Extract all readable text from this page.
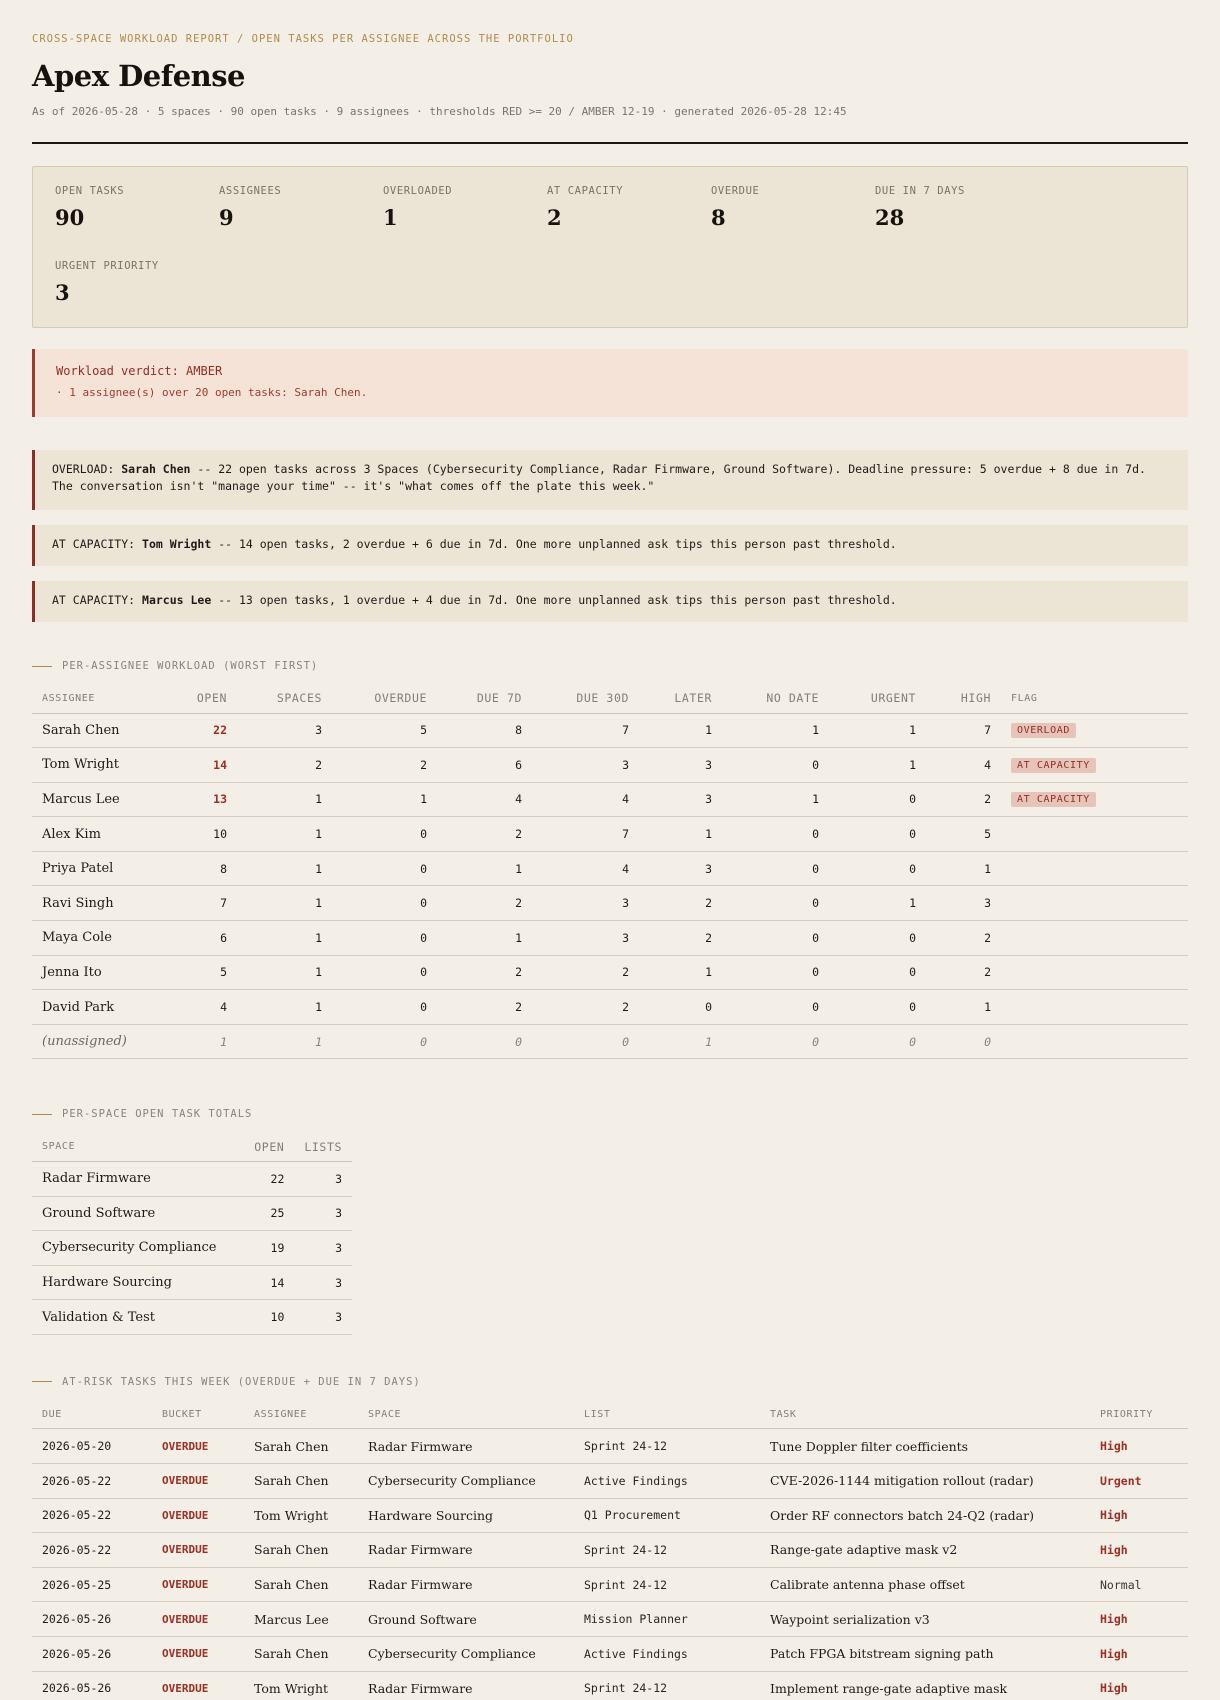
CROSS-SPACE WORKLOAD REPORT / OPEN TASKS PER ASSIGNEE ACROSS THE PORTFOLIO
Apex Defense
As of 2026-05-28 · 5 spaces · 90 open tasks · 9 assignees · thresholds RED >= 20 / AMBER 12-19 · generated 2026-05-28 12:45
OPEN TASKS
90
ASSIGNEES
9
OVERLOADED
1
AT CAPACITY
2
OVERDUE
8
DUE IN 7 DAYS
28
URGENT PRIORITY
3
Workload verdict: AMBER
· 1 assignee(s) over 20 open tasks: Sarah Chen.
OVERLOAD: Sarah Chen -- 22 open tasks across 3 Spaces (Cybersecurity Compliance, Radar Firmware, Ground Software). Deadline pressure: 5 overdue + 8 due in 7d. The conversation isn't "manage your time" -- it's "what comes off the plate this week."
AT CAPACITY: Tom Wright -- 14 open tasks, 2 overdue + 6 due in 7d. One more unplanned ask tips this person past threshold.
AT CAPACITY: Marcus Lee -- 13 open tasks, 1 overdue + 4 due in 7d. One more unplanned ask tips this person past threshold.
PER-ASSIGNEE WORKLOAD (WORST FIRST)
ASSIGNEE	OPEN	SPACES	OVERDUE	DUE 7D	DUE 30D	LATER	NO DATE	URGENT	HIGH	FLAG
Sarah Chen	22	3	5	8	7	1	1	1	7	OVERLOAD
Tom Wright	14	2	2	6	3	3	0	1	4	AT CAPACITY
Marcus Lee	13	1	1	4	4	3	1	0	2	AT CAPACITY
Alex Kim	10	1	0	2	7	1	0	0	5	
Priya Patel	8	1	0	1	4	3	0	0	1	
Ravi Singh	7	1	0	2	3	2	0	1	3	
Maya Cole	6	1	0	1	3	2	0	0	2	
Jenna Ito	5	1	0	2	2	1	0	0	2	
David Park	4	1	0	2	2	0	0	0	1	
(unassigned)	1	1	0	0	0	1	0	0	0	
PER-SPACE OPEN TASK TOTALS
SPACE	OPEN	LISTS
Radar Firmware	22	3
Ground Software	25	3
Cybersecurity Compliance	19	3
Hardware Sourcing	14	3
Validation & Test	10	3
AT-RISK TASKS THIS WEEK (OVERDUE + DUE IN 7 DAYS)
DUE	BUCKET	ASSIGNEE	SPACE	LIST	TASK	PRIORITY
2026-05-20	OVERDUE	Sarah Chen	Radar Firmware	Sprint 24-12	Tune Doppler filter coefficients	High
2026-05-22	OVERDUE	Sarah Chen	Cybersecurity Compliance	Active Findings	CVE-2026-1144 mitigation rollout (radar)	Urgent
2026-05-22	OVERDUE	Tom Wright	Hardware Sourcing	Q1 Procurement	Order RF connectors batch 24-Q2 (radar)	High
2026-05-22	OVERDUE	Sarah Chen	Radar Firmware	Sprint 24-12	Range-gate adaptive mask v2	High
2026-05-25	OVERDUE	Sarah Chen	Radar Firmware	Sprint 24-12	Calibrate antenna phase offset	Normal
2026-05-26	OVERDUE	Marcus Lee	Ground Software	Mission Planner	Waypoint serialization v3	High
2026-05-26	OVERDUE	Sarah Chen	Cybersecurity Compliance	Active Findings	Patch FPGA bitstream signing path	High
2026-05-26	OVERDUE	Tom Wright	Radar Firmware	Sprint 24-12	Implement range-gate adaptive mask	High
